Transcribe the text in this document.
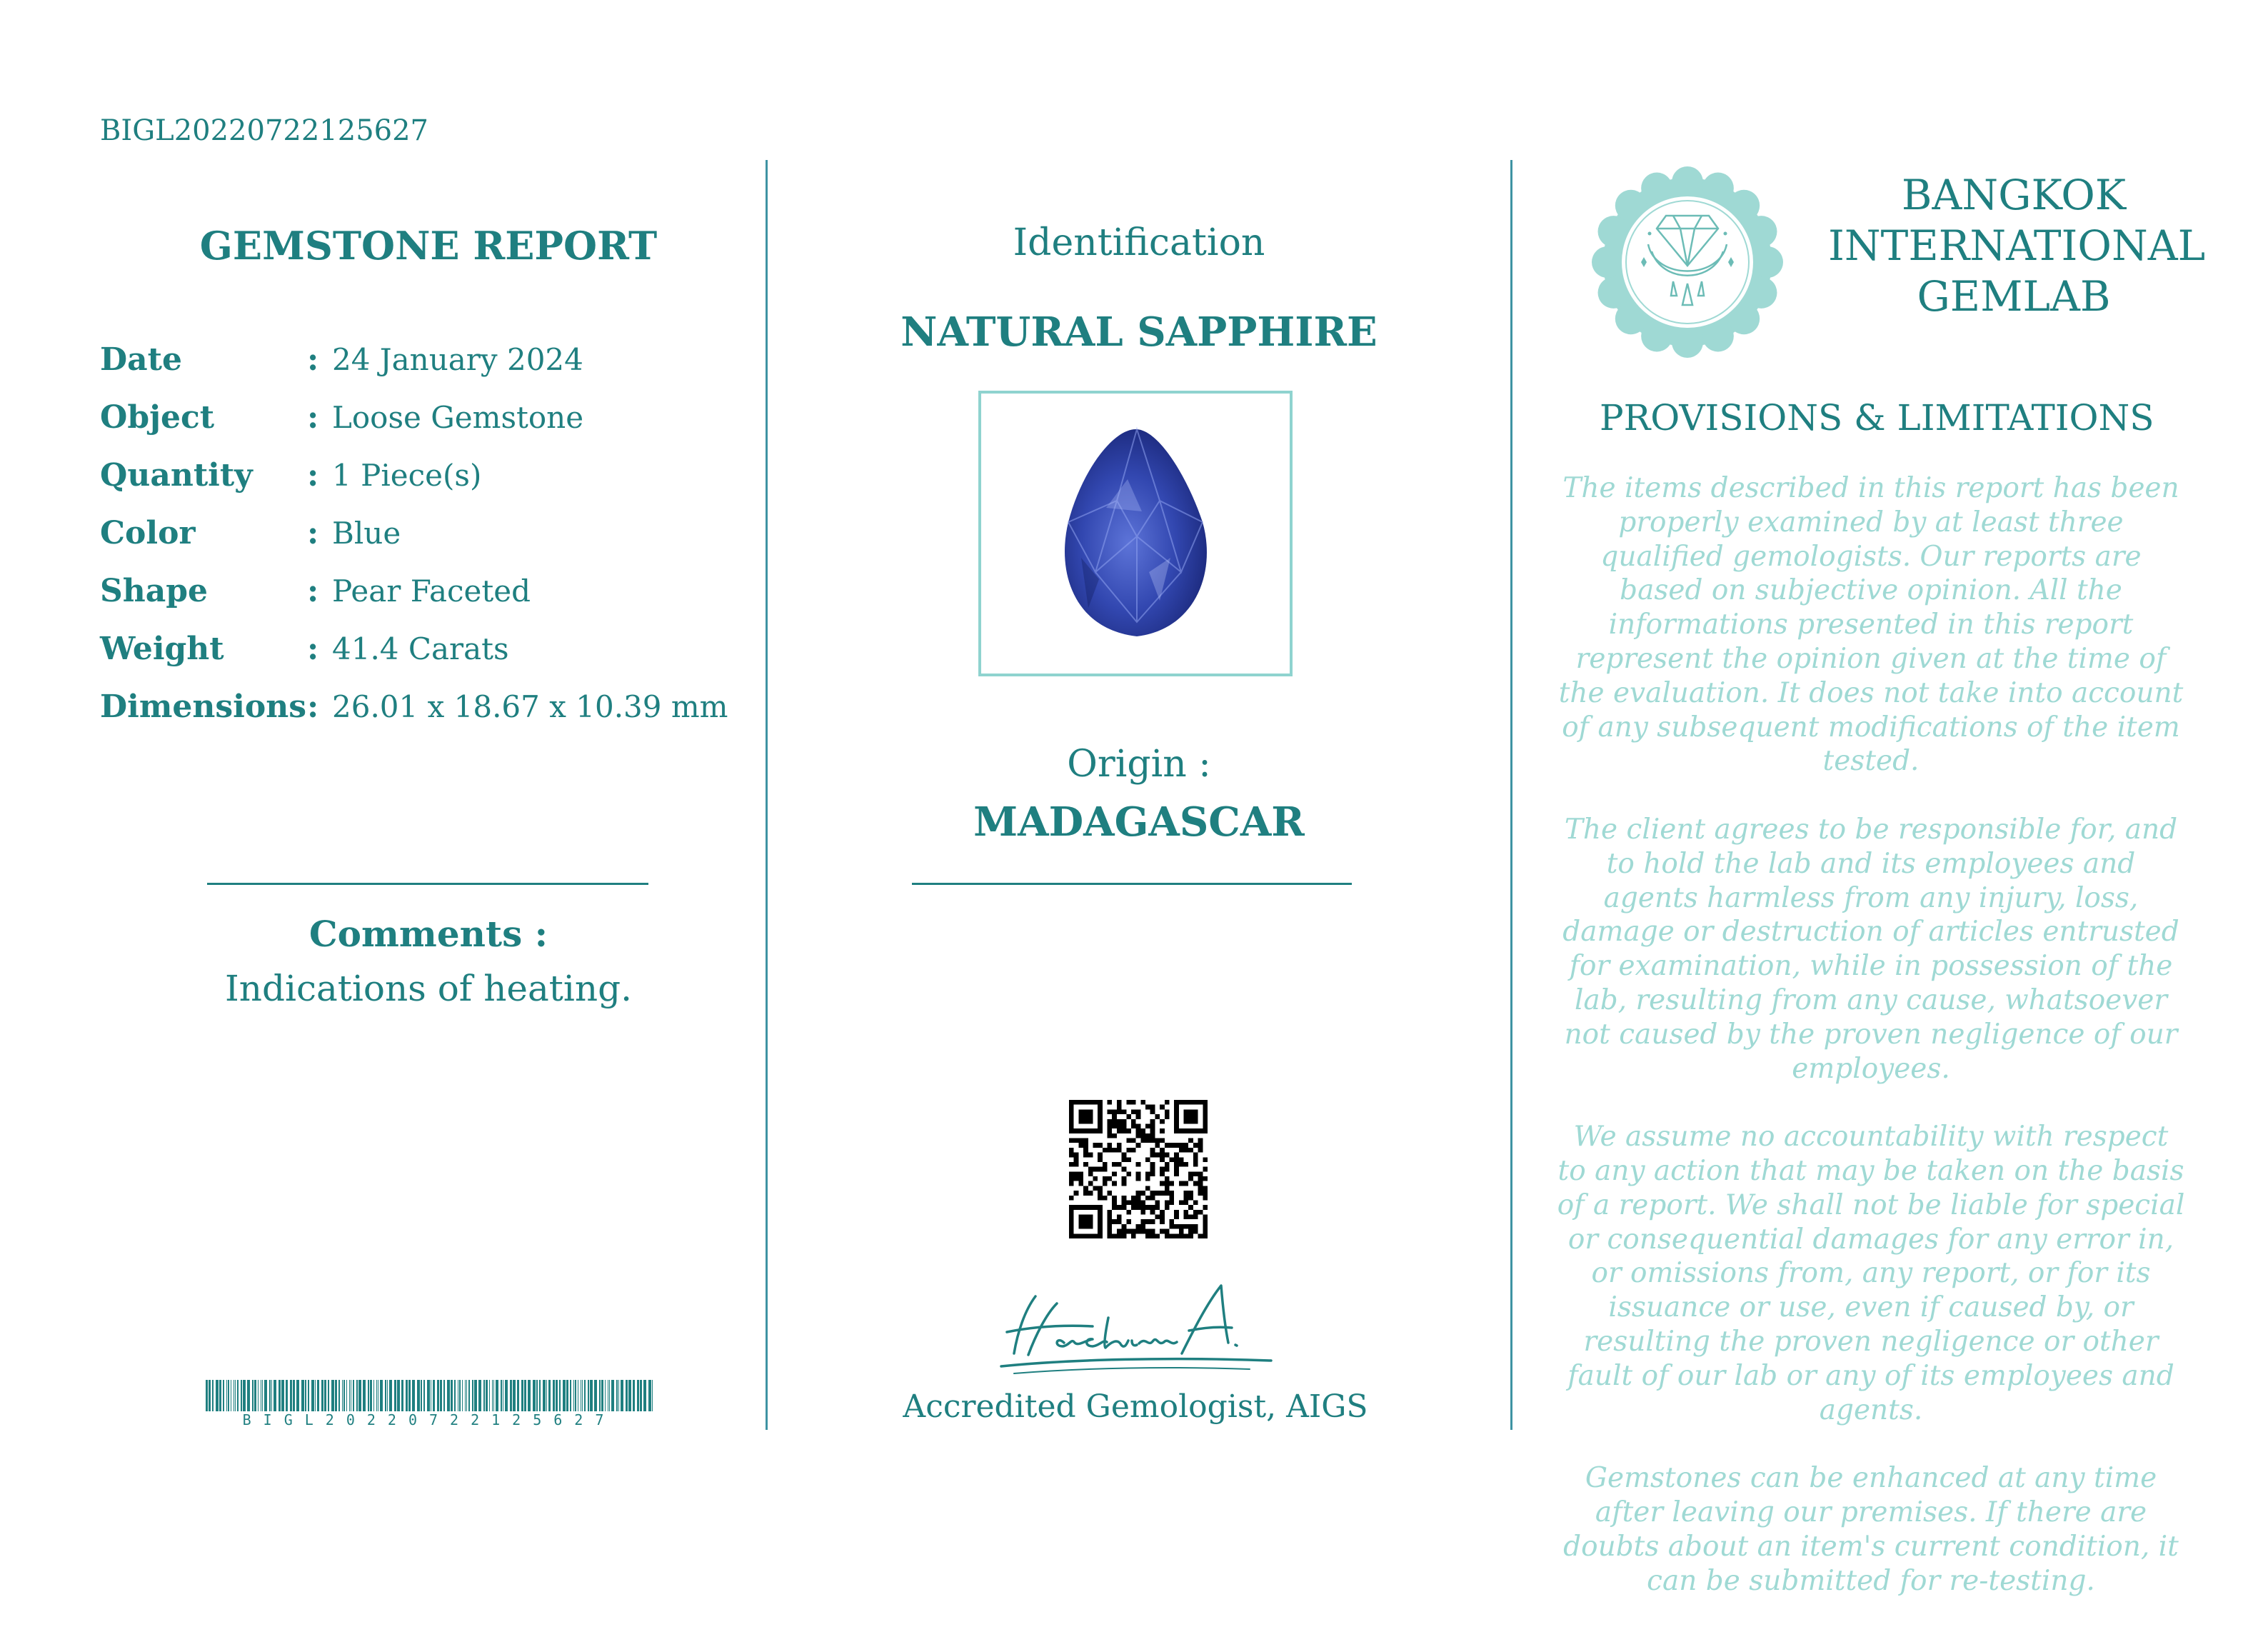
BIGL20220722125627
GEMSTONE REPORT
Date	: 24 January 2024
Object	: Loose Gemstone
Quantity	: 1 Piece(s)
Color	: Blue
Shape	: Pear Faceted
Weight	: 41.4 Carats
Dimensions : 26.01 x 18.67 x 10.39 mm
Comments :
Indications of heating.
BIGL20220722125627
Identification
NATURAL SAPPHIRE
Origin :
MADAGASCAR
Accredited Gemologist, AIGS
BANGKOK
INTERNATIONAL
GEMLAB
PROVISIONS & LIMITATIONS

The items described in this report has been properly examined by at least three qualified gemologists. Our reports are based on subjective opinion. All the informations presented in this report represent the opinion given at the time of the evaluation. It does not take into account of any subsequent modifications of the item tested.

The client agrees to be responsible for, and to hold the lab and its employees and agents harmless from any injury, loss, damage or destruction of articles entrusted for examination, while in possession of the lab, resulting from any cause, whatsoever not caused by the proven negligence of our employees.

We assume no accountability with respect to any action that may be taken on the basis of a report. We shall not be liable for special or consequential damages for any error in, or omissions from, any report, or for its issuance or use, even if caused by, or resulting the proven negligence or other fault of our lab or any of its employees and agents.

Gemstones can be enhanced at any time after leaving our premises. If there are doubts about an item's current condition, it can be submitted for re-testing.
